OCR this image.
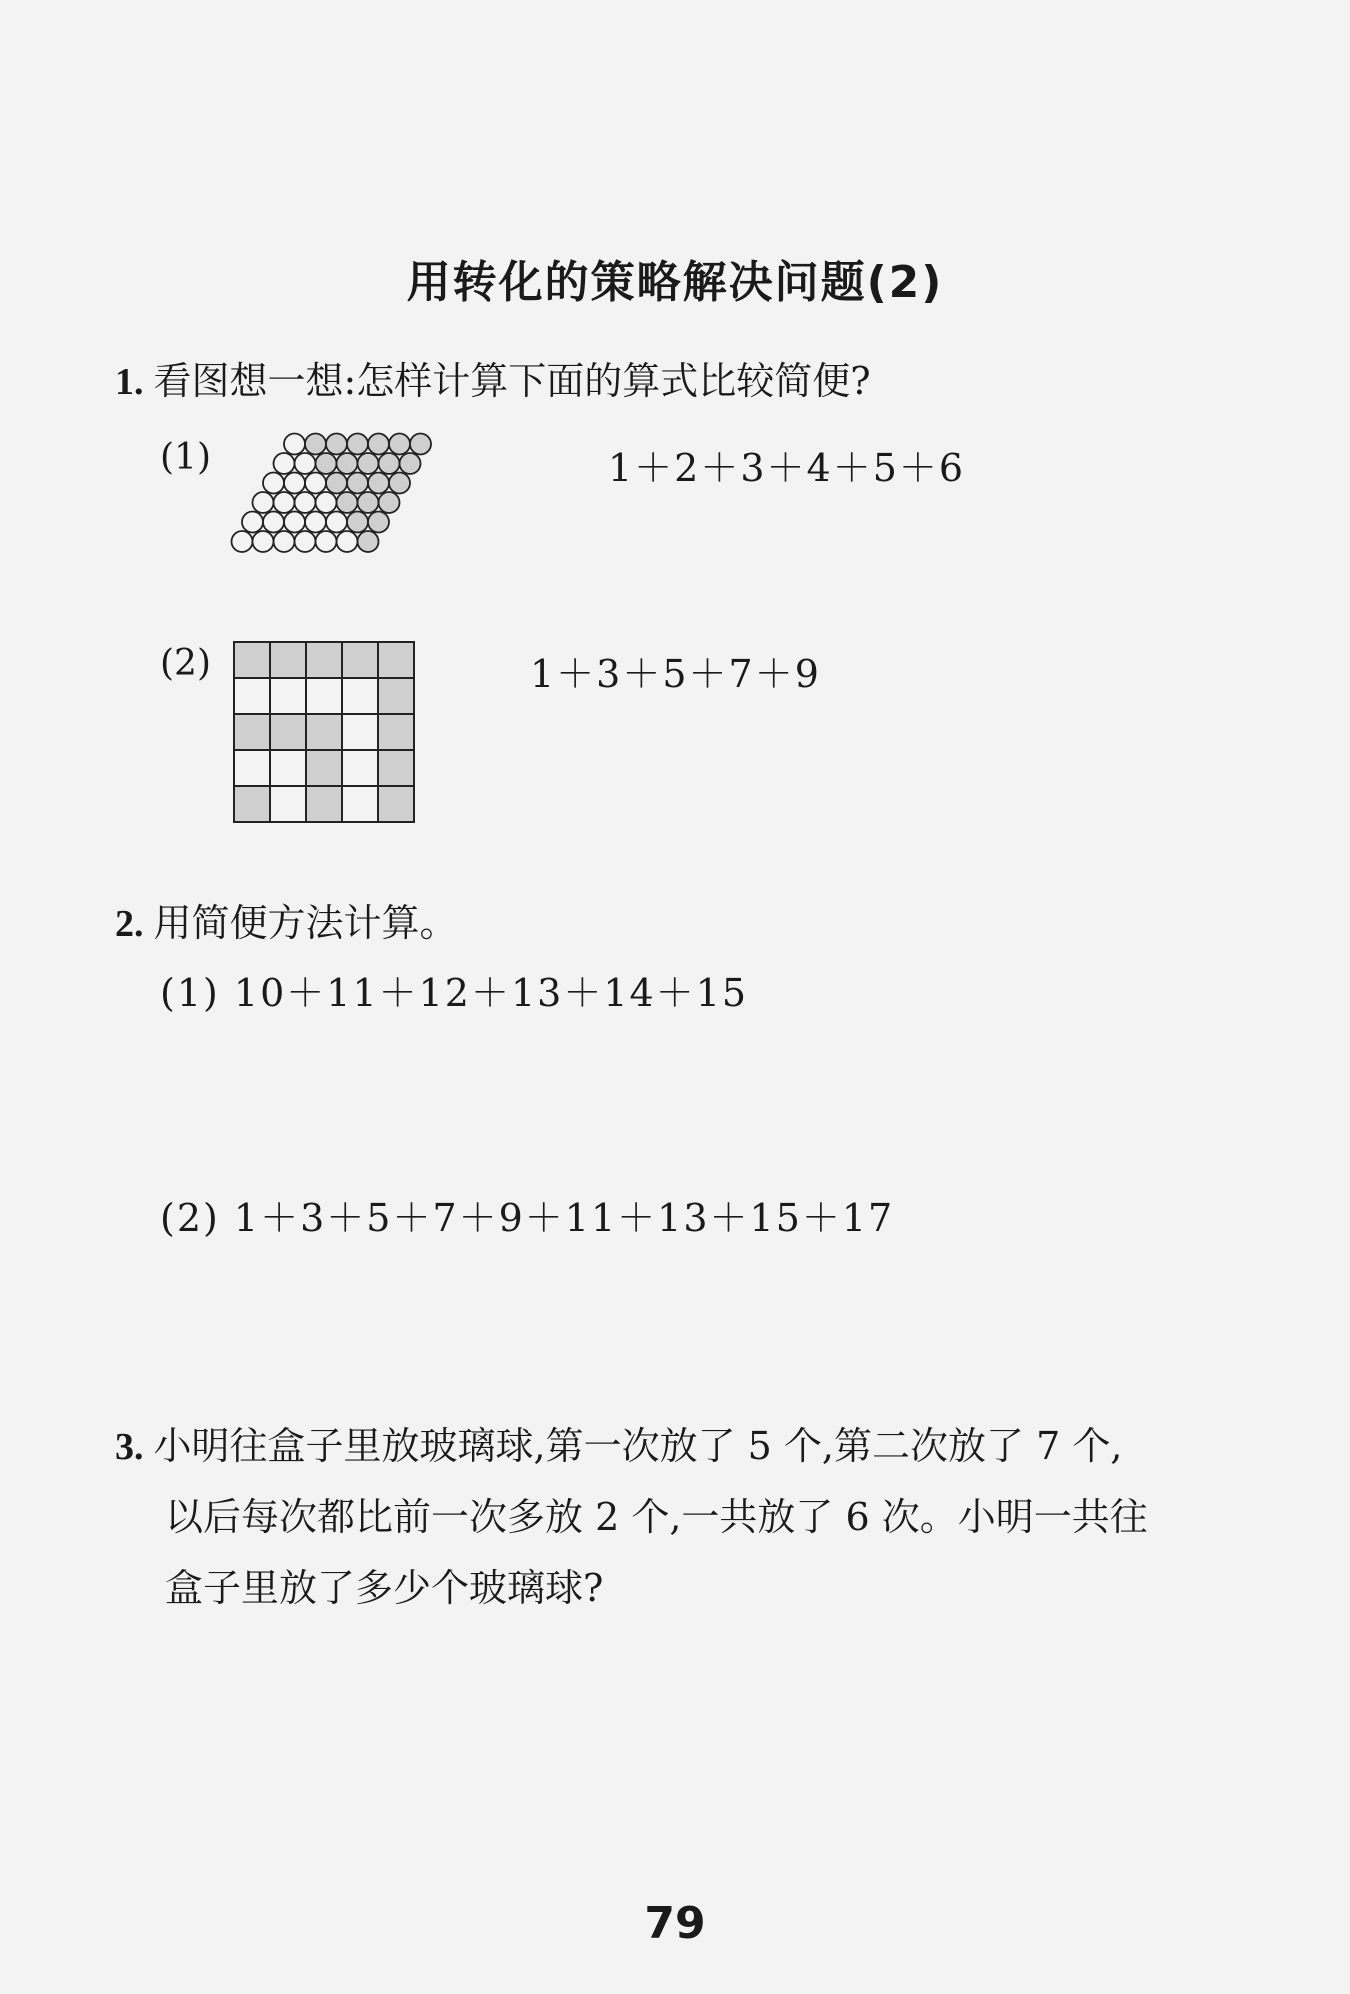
用转化的策略解决问题(2)
1. 看图想一想:怎样计算下面的算式比较简便?
(1)	1＋2＋3＋4＋5＋6
(2)	1＋3＋5＋7＋9
2. 用简便方法计算。
(1) 10＋11＋12＋13＋14＋15
(2) 1＋3＋5＋7＋9＋11＋13＋15＋17
3. 小明往盒子里放玻璃球,第一次放了 5 个,第二次放了 7 个,
以后每次都比前一次多放 2 个,一共放了 6 次。小明一共往
盒子里放了多少个玻璃球?
79
